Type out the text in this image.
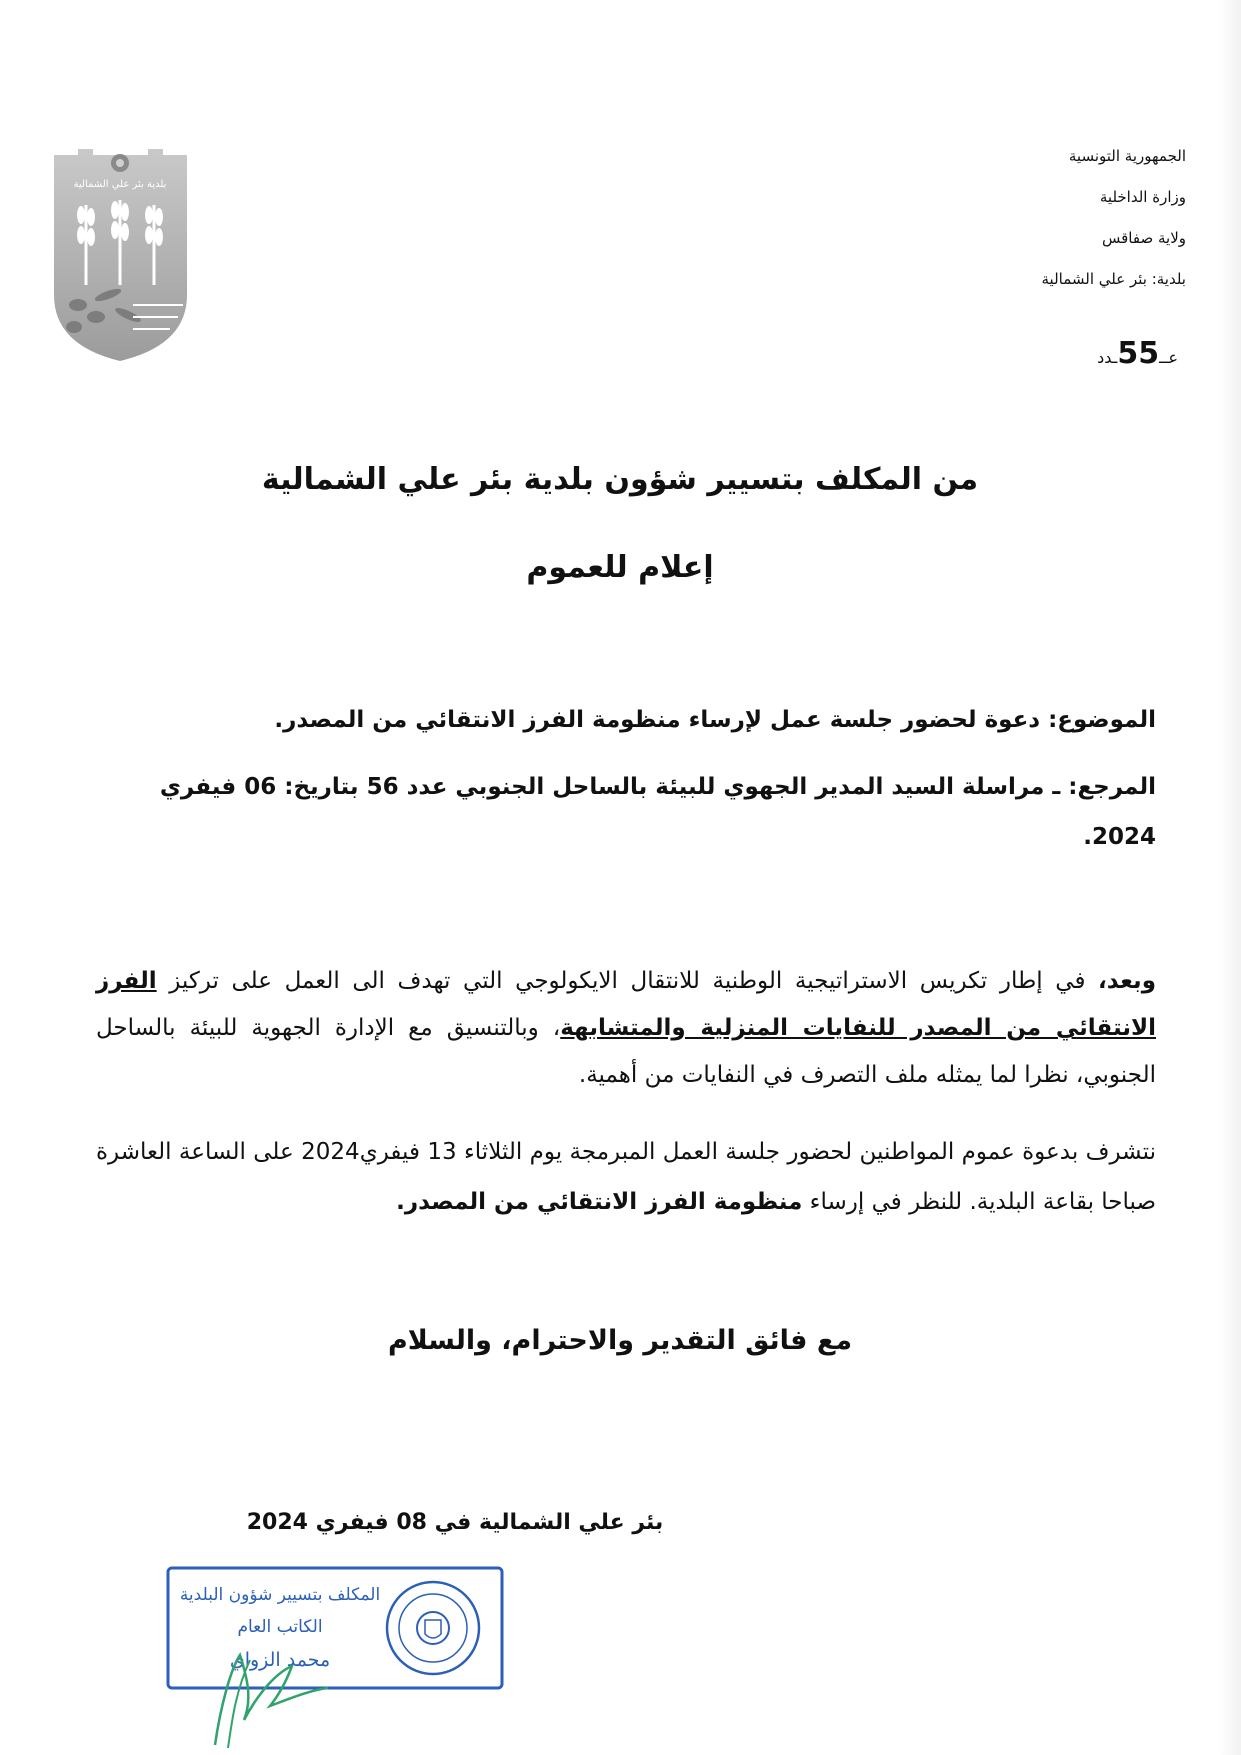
الجمهورية التونسية
وزارة الداخلية
ولاية صفاقس
بلدية: بئر علي الشمالية
عــ55ـدد
بلدية بئر علي الشمالية
من المكلف بتسيير شؤون بلدية بئر علي الشمالية
إعلام للعموم
الموضوع: دعوة لحضور جلسة عمل لإرساء منظومة الفرز الانتقائي من المصدر.
المرجع: ـ مراسلة السيد المدير الجهوي للبيئة بالساحل الجنوبي عدد 56 بتاريخ: 06 فيفري 2024.
وبعد، في إطار تكريس الاستراتيجية الوطنية للانتقال الايكولوجي التي تهدف الى العمل على تركيز الفرز الانتقائي من المصدر للنفايات المنزلية والمتشابهة، وبالتنسيق مع الإدارة الجهوية للبيئة بالساحل الجنوبي، نظرا لما يمثله ملف التصرف في النفايات من أهمية.
نتشرف بدعوة عموم المواطنين لحضور جلسة العمل المبرمجة يوم الثلاثاء 13 فيفري2024 على الساعة العاشرة صباحا بقاعة البلدية. للنظر في إرساء منظومة الفرز الانتقائي من المصدر.
مع فائق التقدير والاحترام، والسلام
بئر علي الشمالية في 08 فيفري 2024
المكلف بتسيير شؤون البلدية
الكاتب العام
محمد الزواي
